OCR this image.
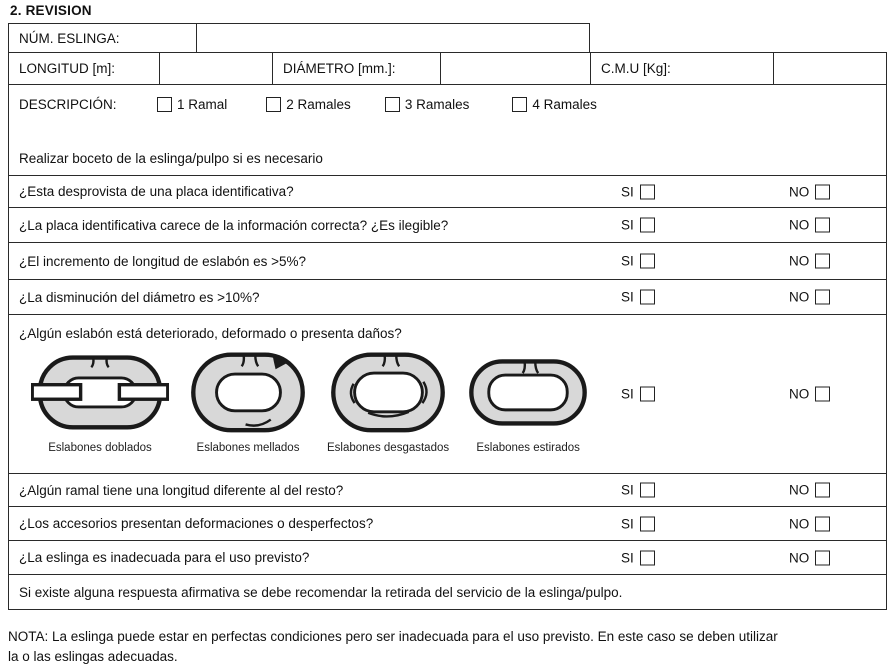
2. REVISION
NÚM. ESLINGA:
LONGITUD [m]:	DIÁMETRO [mm.]:	C.M.U [Kg]:
DESCRIPCIÓN:	1 Ramal	2 Ramales	3 Ramales	4 Ramales
Realizar boceto de la eslinga/pulpo si es necesario
¿Esta desprovista de una placa identificativa?	SI	NO
¿La placa identificativa carece de la información correcta? ¿Es ilegible?	SI	NO
¿El incremento de longitud de eslabón es >5%?	SI	NO
¿La disminución del diámetro es >10%?	SI	NO
¿Algún eslabón está deteriorado, deformado o presenta daños?
Eslabones doblados	Eslabones mellados Eslabones desgastados Eslabones estirados
SI	NO
¿Algún ramal tiene una longitud diferente al del resto?	SI	NO
¿Los accesorios presentan deformaciones o desperfectos?	SI	NO
¿La eslinga es inadecuada para el uso previsto?	SI	NO
Si existe alguna respuesta afirmativa se debe recomendar la retirada del servicio de la eslinga/pulpo.
NOTA: La eslinga puede estar en perfectas condiciones pero ser inadecuada para el uso previsto. En este caso se deben utilizar
la o las eslingas adecuadas.
